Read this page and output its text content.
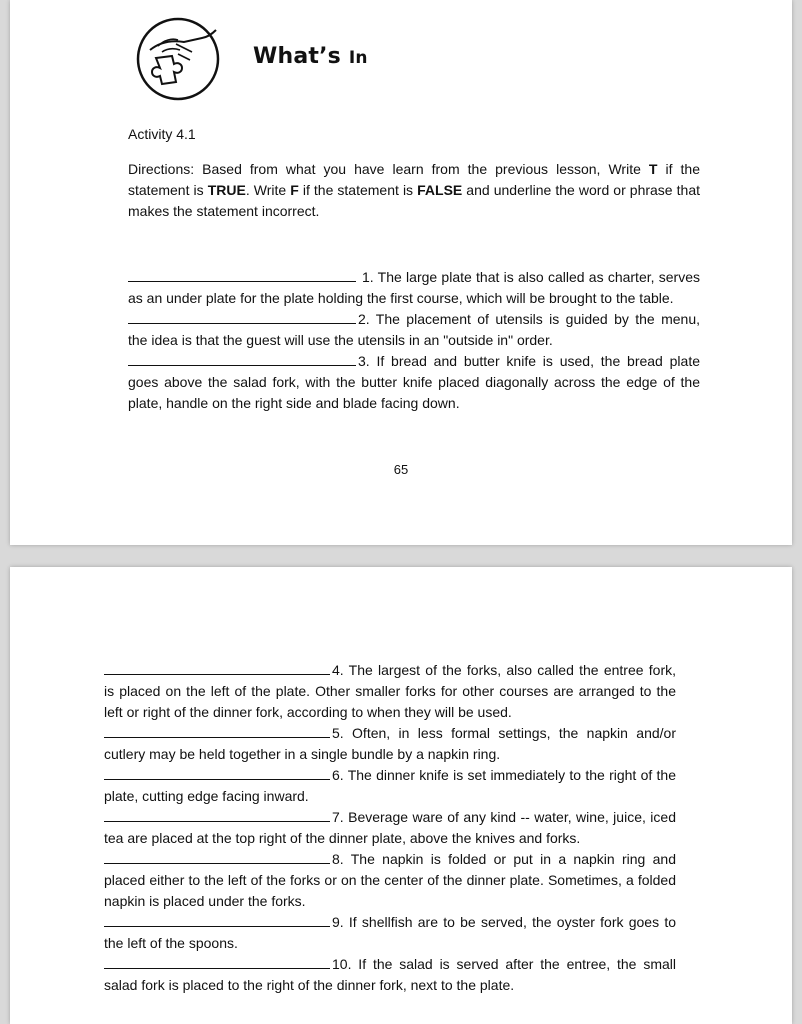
What’s In
Activity 4.1
Directions: Based from what you have learn from the previous lesson, Write T if the statement is TRUE. Write F if the statement is FALSE and underline the word or phrase that makes the statement incorrect.
1. The large plate that is also called as charter, serves as an under plate for the plate holding the first course, which will be brought to the table.
2. The placement of utensils is guided by the menu, the idea is that the guest will use the utensils in an "outside in" order.
3. If bread and butter knife is used, the bread plate goes above the salad fork, with the butter knife placed diagonally across the edge of the plate, handle on the right side and blade facing down.
65
4. The largest of the forks, also called the entree fork, is placed on the left of the plate. Other smaller forks for other courses are arranged to the left or right of the dinner fork, according to when they will be used.
5. Often, in less formal settings, the napkin and/or cutlery may be held together in a single bundle by a napkin ring.
6. The dinner knife is set immediately to the right of the plate, cutting edge facing inward.
7. Beverage ware of any kind -- water, wine, juice, iced tea are placed at the top right of the dinner plate, above the knives and forks.
8. The napkin is folded or put in a napkin ring and placed either to the left of the forks or on the center of the dinner plate. Sometimes, a folded napkin is placed under the forks.
9. If shellfish are to be served, the oyster fork goes to the left of the spoons.
10. If the salad is served after the entree, the small salad fork is placed to the right of the dinner fork, next to the plate.
